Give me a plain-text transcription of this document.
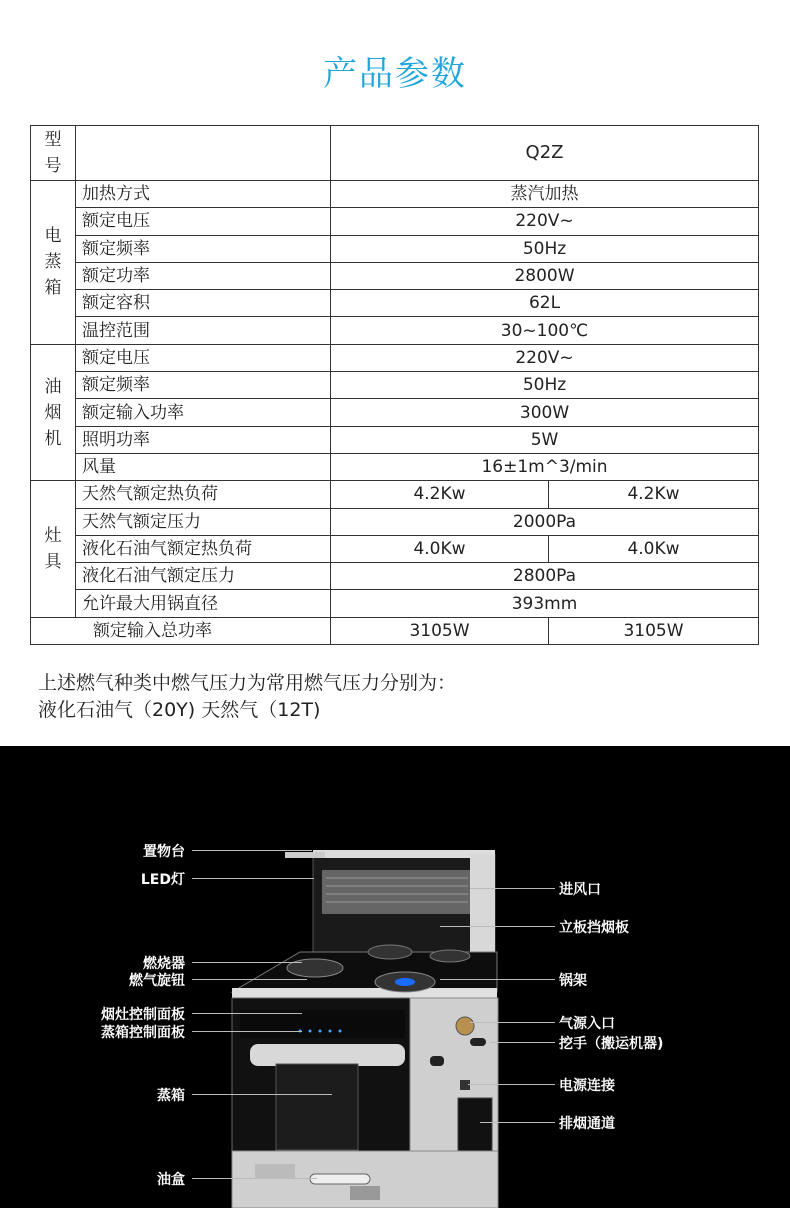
产品参数
型号		Q2Z	

电蒸箱	加热方式	蒸汽加热	
	额定电压	220V~	
	额定频率	50Hz	
	额定功率	2800W	
	额定容积	62L	
	温控范围	30~100℃	

油烟机	额定电压	220V~	
	额定频率	50Hz	
	额定输入功率	300W	
	照明功率	5W	
	风量	16±1m^3/min	

灶具	天然气额定热负荷	4.2Kw	4.2Kw
	天然气额定压力	2000Pa	
	液化石油气额定热负荷	4.0Kw	4.0Kw
	液化石油气额定压力	2800Pa	
	允许最大用锅直径	393mm	
额定输入总功率		3105W	3105W
上述燃气种类中燃气压力为常用燃气压力分别为：
液化石油气（20Y) 天然气（12T)
置物台
LED灯
燃烧器
燃气旋钮
烟灶控制面板
蒸箱控制面板
蒸箱
油盒
进风口
立板挡烟板
锅架
气源入口
挖手（搬运机器)
电源连接
排烟通道
